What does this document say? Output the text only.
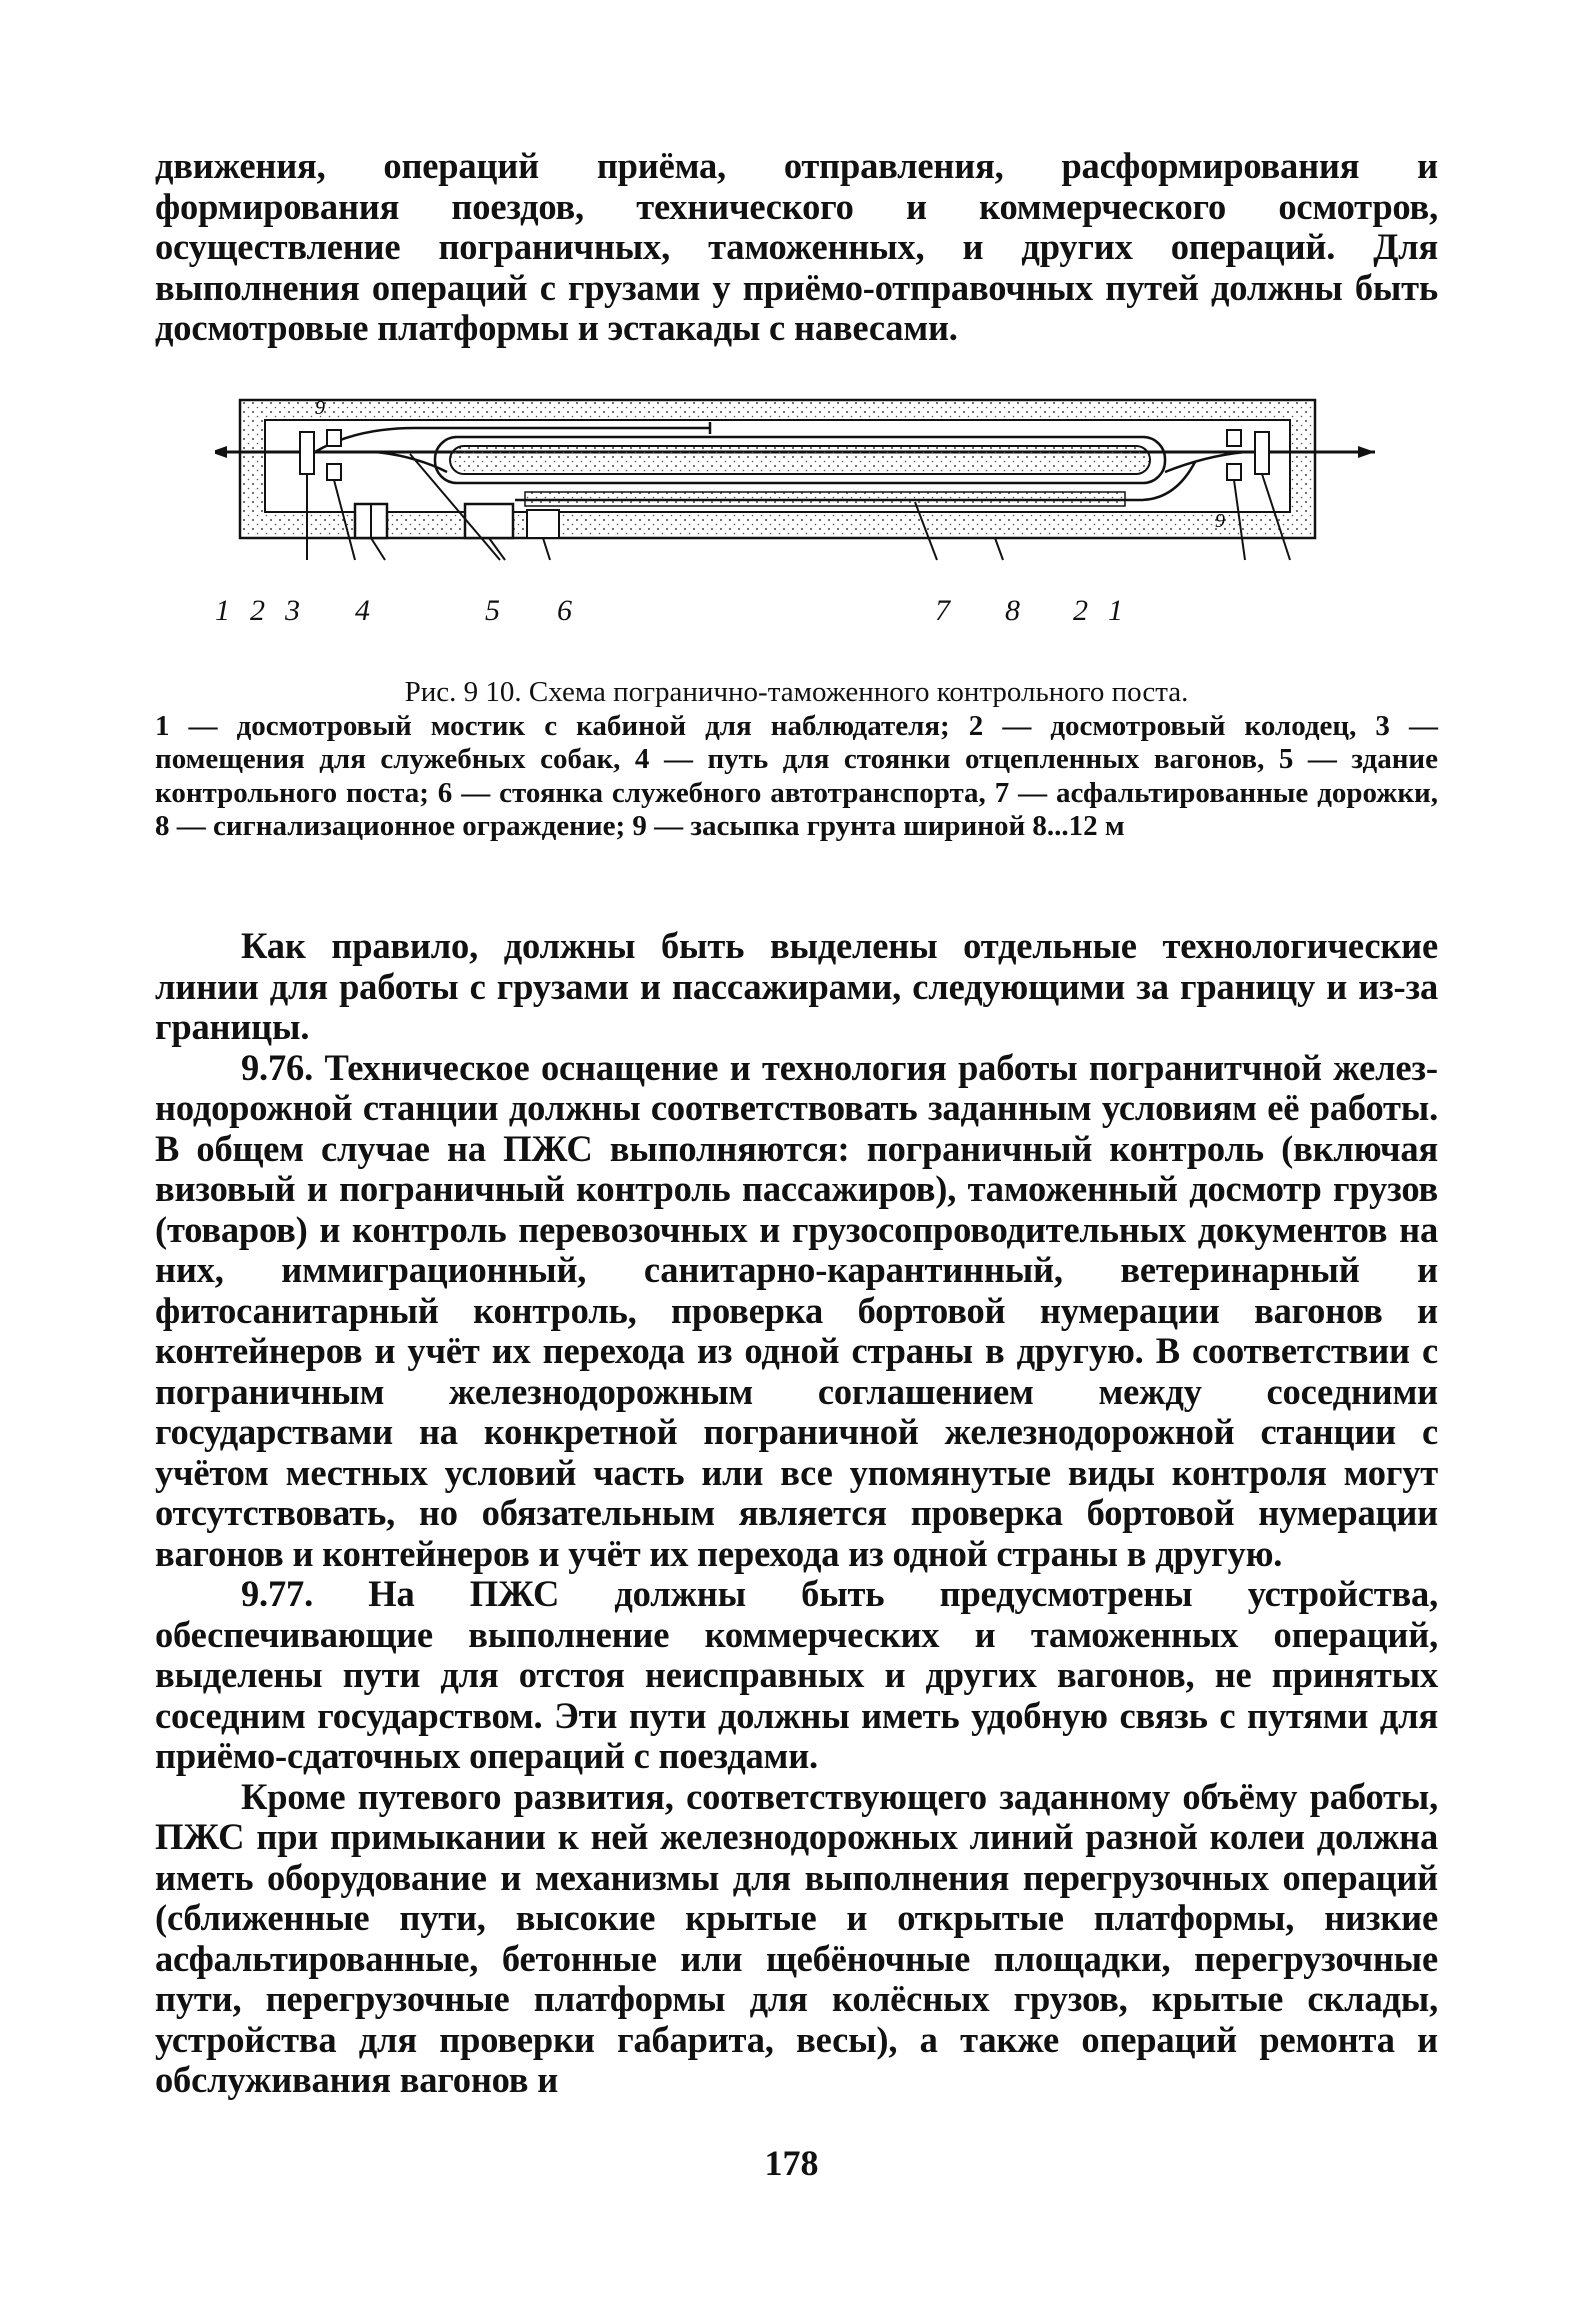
движения, операций приёма, отправления, расформирования и формирования поездов, технического и коммерческого осмотров, осуществление пограничных, таможенных, и других операций. Для выполнения операций с грузами у приёмо-отправочных путей должны быть досмотровые платформы и эстакады с навесами.

9
9
1 2 3 4	5 6	7 8 2 1
Рис. 9 10. Схема погранично-таможенного контрольного поста.
1 — досмотровый мостик с кабиной для наблюдателя; 2 — досмотровый колодец, 3 — помещения для служебных собак, 4 — путь для стоянки отцепленных вагонов, 5 — здание контрольного поста; 6 — стоянка служебного автотранспорта, 7 — асфальтированные дорожки, 8 — сигнализационное ограждение; 9 — засыпка грунта шириной 8...12 м

Как правило, должны быть выделены отдельные технологические линии для работы с грузами и пассажирами, следующими за границу и из-за границы.

9.76. Техническое оснащение и технология работы погранитчной железнодорожной станции должны соответствовать заданным условиям её работы. В общем случае на ПЖС выполняются: пограничный контроль (включая визовый и пограничный контроль пассажиров), таможенный досмотр грузов (товаров) и контроль перевозочных и грузосопроводительных документов на них, иммиграционный, санитарно-карантинный, ветеринарный и фитосанитарный контроль, проверка бортовой нумерации вагонов и контейнеров и учёт их перехода из одной страны в другую. В соответствии с пограничным железнодорожным соглашением между соседними государствами на конкретной пограничной железнодорожной станции с учётом местных условий часть или все упомянутые виды контроля могут отсутствовать, но обязательным является проверка бортовой нумерации вагонов и контейнеров и учёт их перехода из одной страны в другую.

9.77. На ПЖС должны быть предусмотрены устройства, обеспечивающие выполнение коммерческих и таможенных операций, выделены пути для отстоя неисправных и других вагонов, не принятых соседним государством. Эти пути должны иметь удобную связь с путями для приёмо-сдаточных операций с поездами.

Кроме путевого развития, соответствующего заданному объёму работы, ПЖС при примыкании к ней железнодорожных линий разной колеи должна иметь оборудование и механизмы для выполнения перегрузочных операций (сближенные пути, высокие крытые и открытые платформы, низкие асфальтированные, бетонные или щебёночные площадки, перегрузочные пути, перегрузочные платформы для колёсных грузов, крытые склады, устройства для проверки габарита, весы), а также операций ремонта и обслуживания вагонов и

178
